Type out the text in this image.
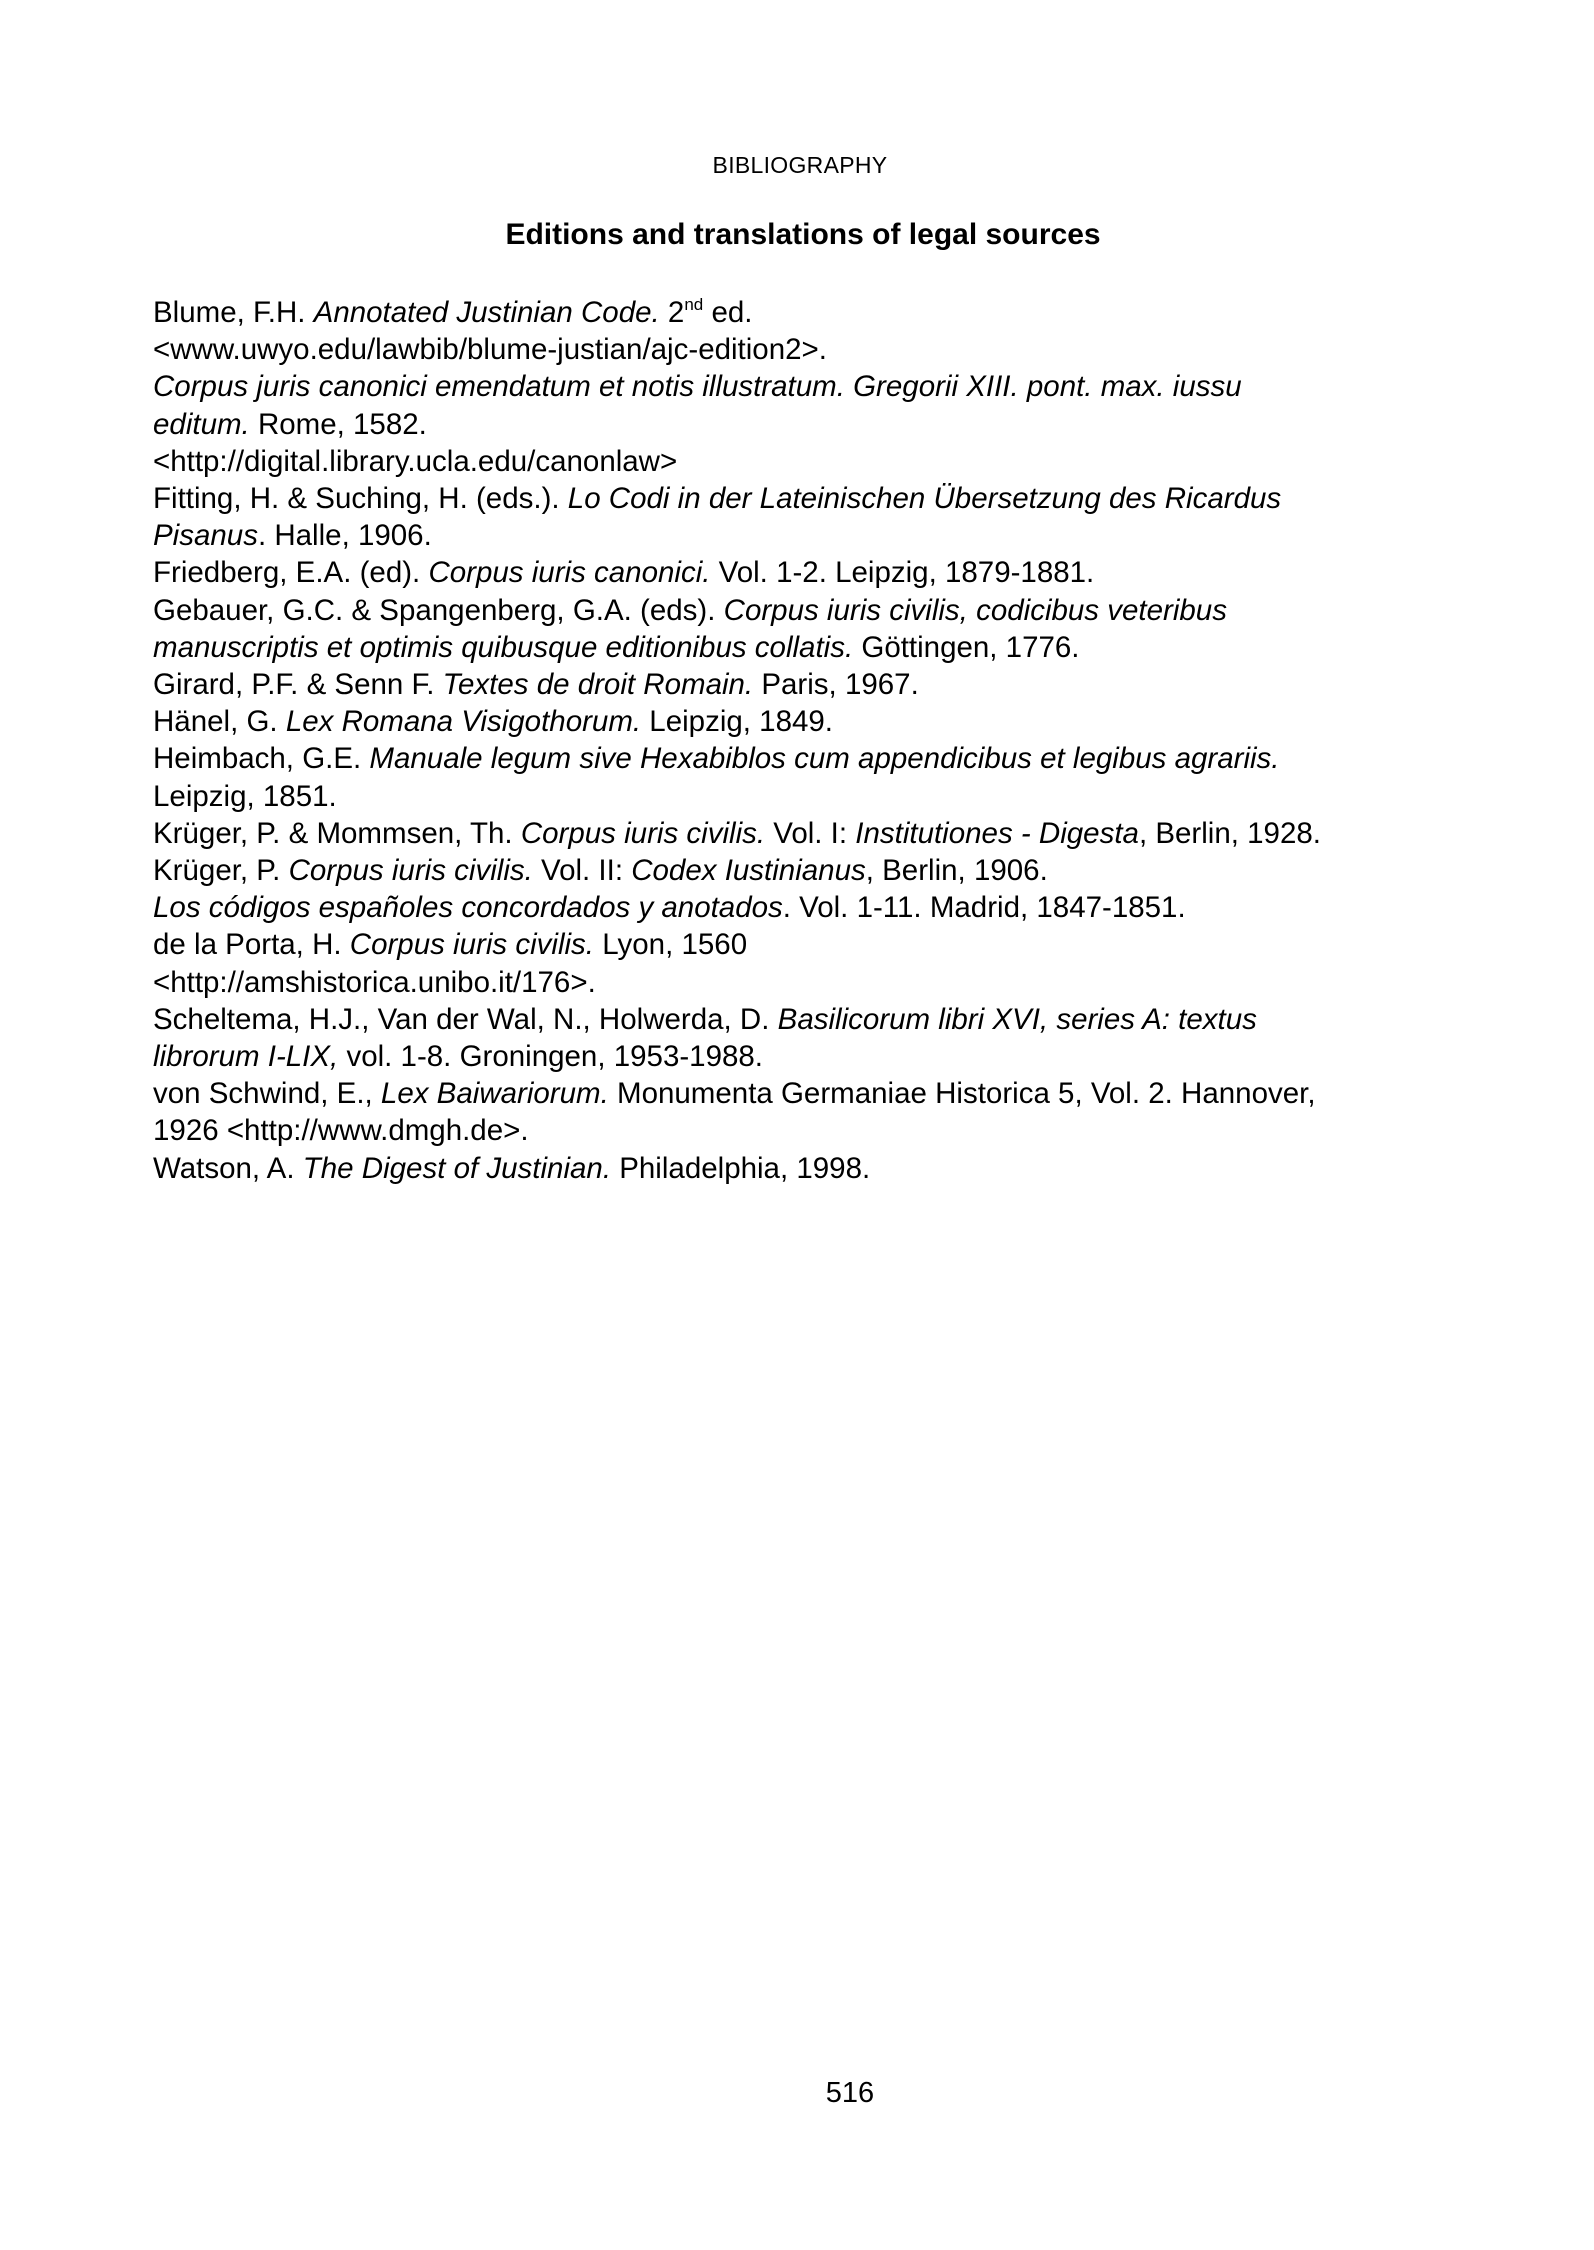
BIBLIOGRAPHY
Editions and translations of legal sources
Blume, F.H. Annotated Justinian Code. 2nd ed.
<www.uwyo.edu/lawbib/blume-justian/ajc-edition2>.
Corpus juris canonici emendatum et notis illustratum. Gregorii XIII. pont. max. iussu
editum. Rome, 1582.
<http://digital.library.ucla.edu/canonlaw>
Fitting, H. & Suching, H. (eds.). Lo Codi in der Lateinischen Übersetzung des Ricardus
Pisanus. Halle, 1906.
Friedberg, E.A. (ed). Corpus iuris canonici. Vol. 1-2. Leipzig, 1879-1881.
Gebauer, G.C. & Spangenberg, G.A. (eds). Corpus iuris civilis, codicibus veteribus
manuscriptis et optimis quibusque editionibus collatis. Göttingen, 1776.
Girard, P.F. & Senn F. Textes de droit Romain. Paris, 1967.
Hänel, G. Lex Romana Visigothorum. Leipzig, 1849.
Heimbach, G.E. Manuale legum sive Hexabiblos cum appendicibus et legibus agrariis.
Leipzig, 1851.
Krüger, P. & Mommsen, Th. Corpus iuris civilis. Vol. I: Institutiones - Digesta, Berlin, 1928.
Krüger, P. Corpus iuris civilis. Vol. II: Codex Iustinianus, Berlin, 1906.
Los códigos españoles concordados y anotados. Vol. 1-11. Madrid, 1847-1851.
de la Porta, H. Corpus iuris civilis. Lyon, 1560
<http://amshistorica.unibo.it/176>.
Scheltema, H.J., Van der Wal, N., Holwerda, D. Basilicorum libri XVI, series A: textus
librorum I-LIX, vol. 1-8. Groningen, 1953-1988.
von Schwind, E., Lex Baiwariorum. Monumenta Germaniae Historica 5, Vol. 2. Hannover,
1926 <http://www.dmgh.de>.
Watson, A. The Digest of Justinian. Philadelphia, 1998.
516
